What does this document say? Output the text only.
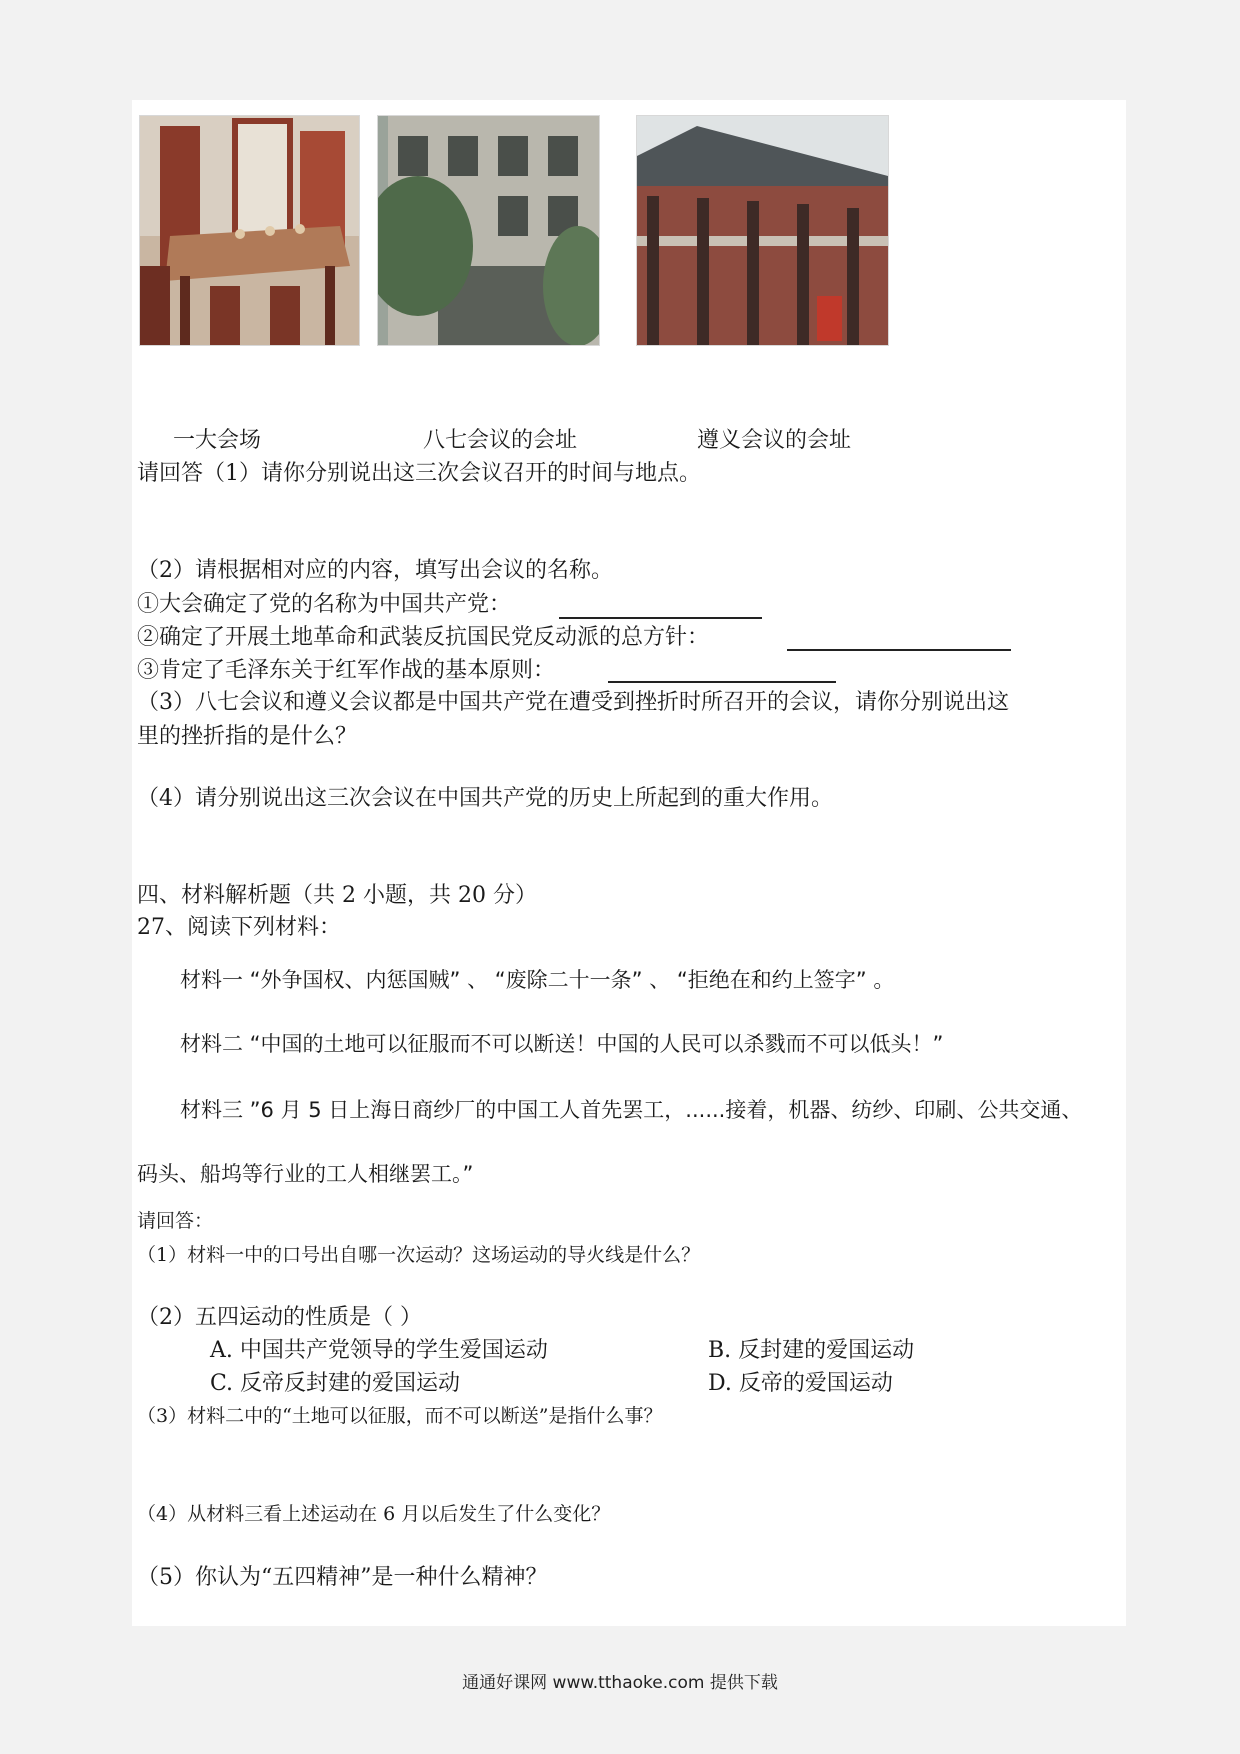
一大会场	八七会议的会址	遵义会议的会址
请回答（1）请你分别说出这三次会议召开的时间与地点。
（2）请根据相对应的内容，填写出会议的名称。
①大会确定了党的名称为中国共产党：
②确定了开展土地革命和武装反抗国民党反动派的总方针：
③肯定了毛泽东关于红军作战的基本原则：
（3）八七会议和遵义会议都是中国共产党在遭受到挫折时所召开的会议，请你分别说出这
里的挫折指的是什么？
（4）请分别说出这三次会议在中国共产党的历史上所起到的重大作用。
四、材料解析题（共 2 小题，共 20 分）
27、阅读下列材料：
材料一 “外争国权、内惩国贼” 、 “废除二十一条” 、 “拒绝在和约上签字” 。
材料二 “中国的土地可以征服而不可以断送！中国的人民可以杀戮而不可以低头！”
材料三 ”6 月 5 日上海日商纱厂的中国工人首先罢工，......接着，机器、纺纱、印刷、公共交通、
码头、船坞等行业的工人相继罢工。”
请回答：
（1）材料一中的口号出自哪一次运动？这场运动的导火线是什么？
（2）五四运动的性质是（ ）
A. 中国共产党领导的学生爱国运动	B. 反封建的爱国运动
C. 反帝反封建的爱国运动	D. 反帝的爱国运动
（3）材料二中的“土地可以征服，而不可以断送”是指什么事？
（4）从材料三看上述运动在 6 月以后发生了什么变化？
（5）你认为“五四精神”是一种什么精神？
通通好课网 www.tthaoke.com 提供下载
